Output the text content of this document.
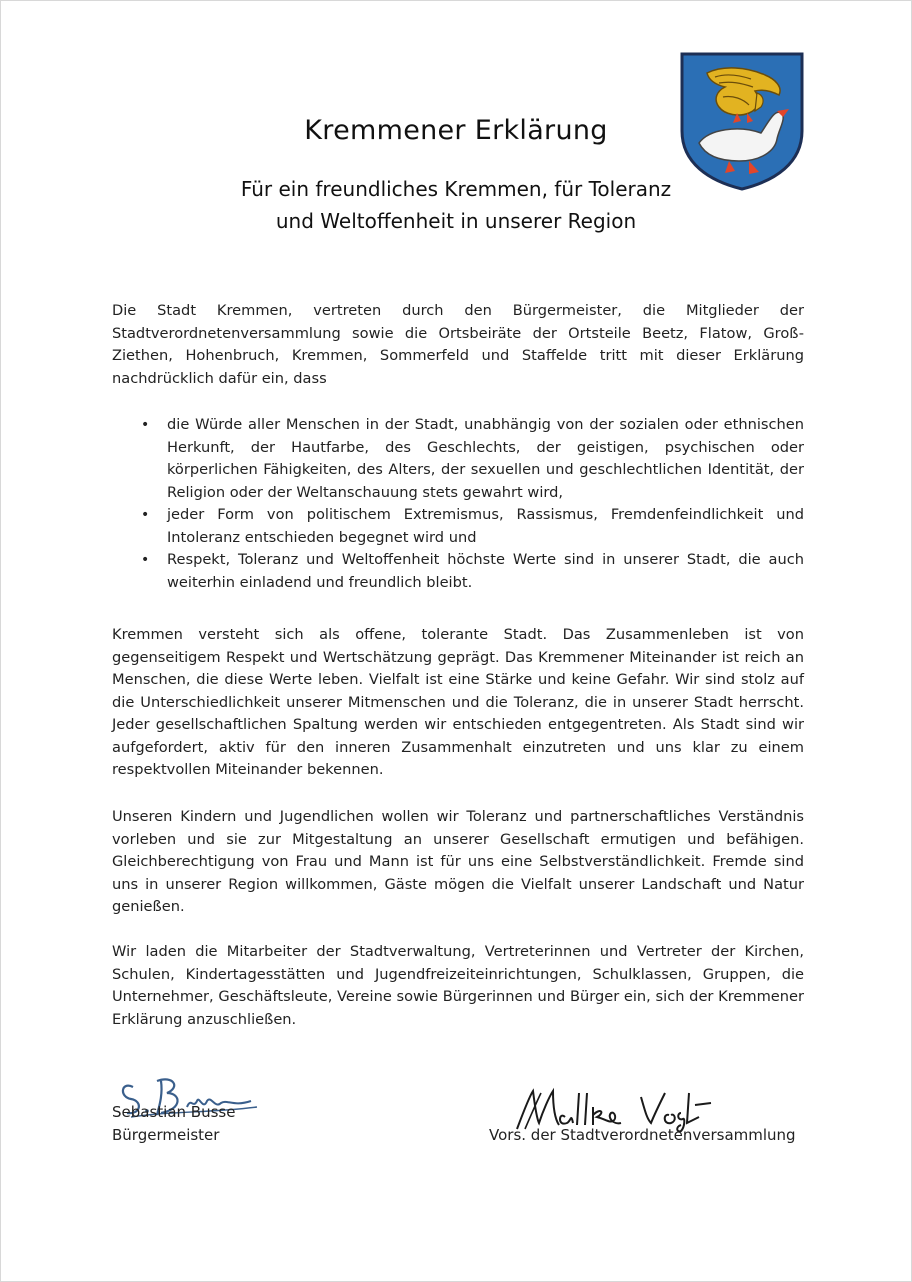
Kremmener Erklärung
Für ein freundliches Kremmen, für Toleranz
und Weltoffenheit in unserer Region
Die Stadt Kremmen, vertreten durch den Bürgermeister, die Mitglieder der Stadtverordnetenversammlung sowie die Ortsbeiräte der Ortsteile Beetz, Flatow, Groß-Ziethen, Hohenbruch, Kremmen, Sommerfeld und Staffelde tritt mit dieser Erklärung nachdrücklich dafür ein, dass
• die Würde aller Menschen in der Stadt, unabhängig von der sozialen oder ethnischen Herkunft, der Hautfarbe, des Geschlechts, der geistigen, psychischen oder körperlichen Fähigkeiten, des Alters, der sexuellen und geschlechtlichen Identität, der Religion oder der Weltanschauung stets gewahrt wird,
• jeder Form von politischem Extremismus, Rassismus, Fremdenfeindlichkeit und Intoleranz entschieden begegnet wird und
• Respekt, Toleranz und Weltoffenheit höchste Werte sind in unserer Stadt, die auch weiterhin einladend und freundlich bleibt.
Kremmen versteht sich als offene, tolerante Stadt. Das Zusammenleben ist von gegenseitigem Respekt und Wertschätzung geprägt. Das Kremmener Miteinander ist reich an Menschen, die diese Werte leben. Vielfalt ist eine Stärke und keine Gefahr. Wir sind stolz auf die Unterschiedlichkeit unserer Mitmenschen und die Toleranz, die in unserer Stadt herrscht. Jeder gesellschaftlichen Spaltung werden wir entschieden entgegentreten. Als Stadt sind wir aufgefordert, aktiv für den inneren Zusammenhalt einzutreten und uns klar zu einem respektvollen Miteinander bekennen.
Unseren Kindern und Jugendlichen wollen wir Toleranz und partnerschaftliches Verständnis vorleben und sie zur Mitgestaltung an unserer Gesellschaft ermutigen und befähigen. Gleichberechtigung von Frau und Mann ist für uns eine Selbstverständlichkeit. Fremde sind uns in unserer Region willkommen, Gäste mögen die Vielfalt unserer Landschaft und Natur genießen.
Wir laden die Mitarbeiter der Stadtverwaltung, Vertreterinnen und Vertreter der Kirchen, Schulen, Kindertagesstätten und Jugendfreizeiteinrichtungen, Schulklassen, Gruppen, die Unternehmer, Geschäftsleute, Vereine sowie Bürgerinnen und Bürger ein, sich der Kremmener Erklärung anzuschließen.
Sebastian Busse
Bürgermeister	Vors. der Stadtverordnetenversammlung
